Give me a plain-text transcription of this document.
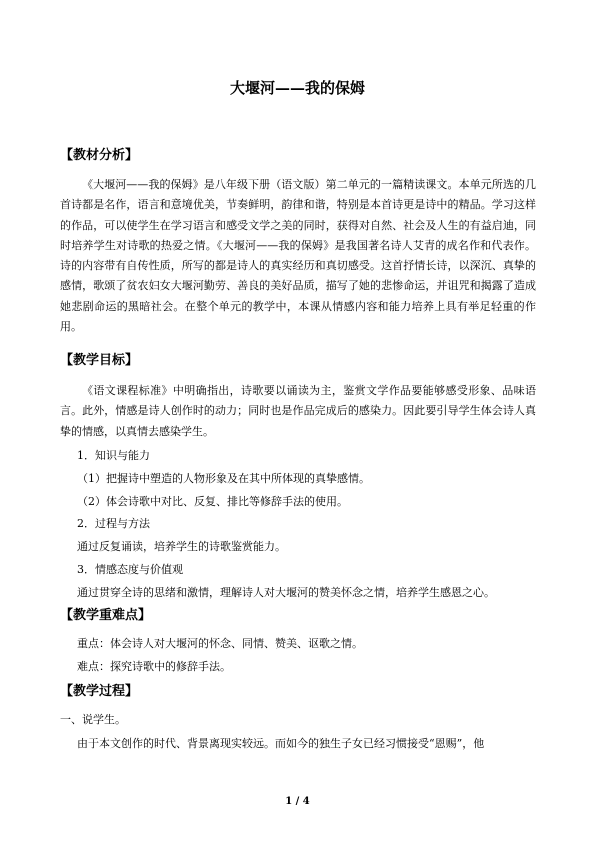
大堰河——我的保姆
【教材分析】

《大堰河——我的保姆》是八年级下册（语文版）第二单元的一篇精读课文。本单元所选的几首诗都是名作，语言和意境优美，节奏鲜明，韵律和谐，特别是本首诗更是诗中的精品。学习这样的作品，可以使学生在学习语言和感受文学之美的同时，获得对自然、社会及人生的有益启迪，同时培养学生对诗歌的热爱之情。《大堰河——我的保姆》是我国著名诗人艾青的成名作和代表作。诗的内容带有自传性质，所写的都是诗人的真实经历和真切感受。这首抒情长诗，以深沉、真挚的感情，歌颂了贫农妇女大堰河勤劳、善良的美好品质，描写了她的悲惨命运，并诅咒和揭露了造成她悲剧命运的黑暗社会。在整个单元的教学中，本课从情感内容和能力培养上具有举足轻重的作用。

【教学目标】

《语文课程标准》中明确指出，诗歌要以诵读为主，鉴赏文学作品要能够感受形象、品味语言。此外，情感是诗人创作时的动力；同时也是作品完成后的感染力。因此要引导学生体会诗人真挚的情感，以真情去感染学生。

1．知识与能力
（1）把握诗中塑造的人物形象及在其中所体现的真挚感情。
（2）体会诗歌中对比、反复、排比等修辞手法的使用。
2．过程与方法
通过反复诵读，培养学生的诗歌鉴赏能力。
3．情感态度与价值观
通过贯穿全诗的思绪和激情，理解诗人对大堰河的赞美怀念之情，培养学生感恩之心。
【教学重难点】
重点：体会诗人对大堰河的怀念、同情、赞美、讴歌之情。
难点：探究诗歌中的修辞手法。
【教学过程】
一、说学生。
由于本文创作的时代、背景离现实较远。而如今的独生子女已经习惯接受“恩赐”，他
1 / 4
